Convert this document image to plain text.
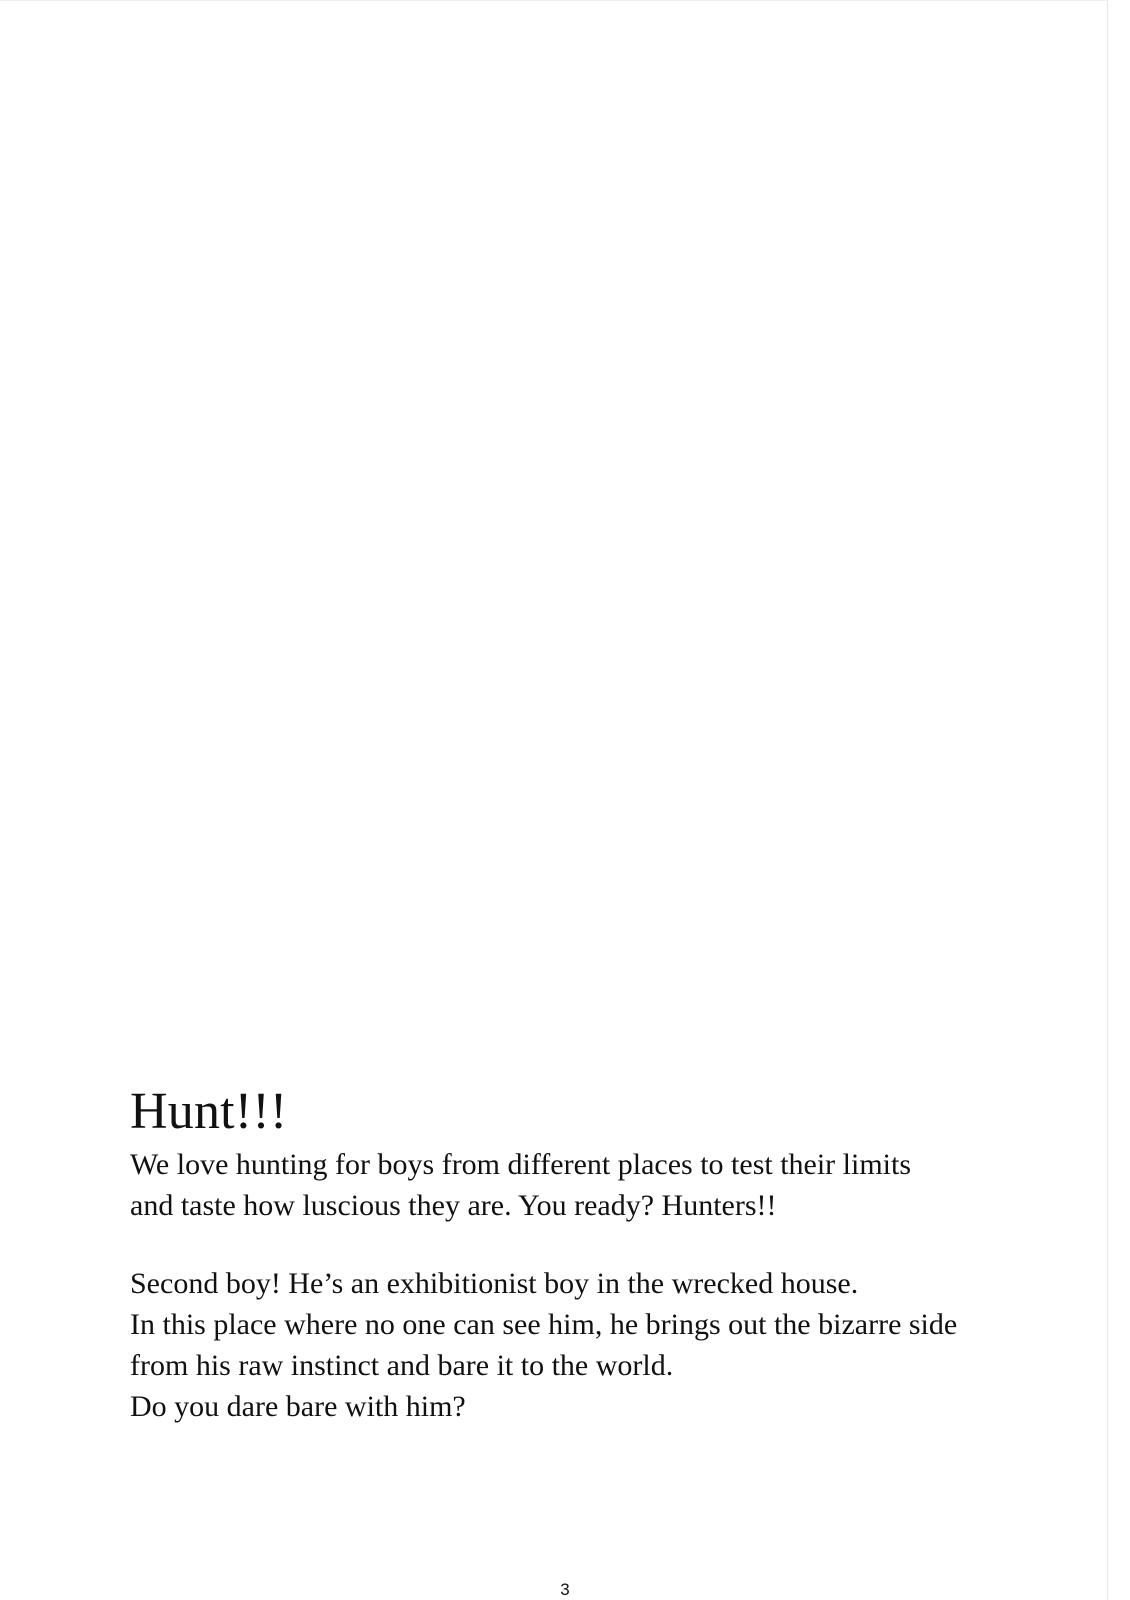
Hunt!!!

We love hunting for boys from different places to test their limits
and taste how luscious they are. You ready? Hunters!!

Second boy! He’s an exhibitionist boy in the wrecked house.
In this place where no one can see him, he brings out the bizarre side
from his raw instinct and bare it to the world.
Do you dare bare with him?

3
